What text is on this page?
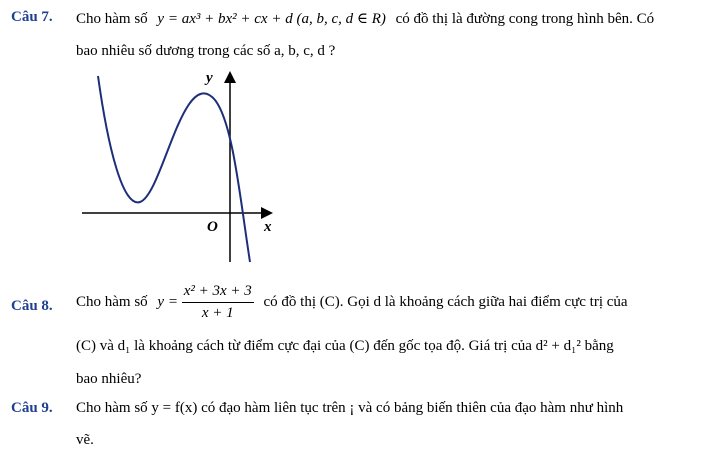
Câu 7. Cho hàm số y = ax³ + bx² + cx + d (a, b, c, d ∈ R) có đồ thị là đường cong trong hình bên. Có
bao nhiêu số dương trong các số a, b, c, d ?
y
x
O
Câu 8. Cho hàm số $y = \frac{\text{x² + 3x + 3}}{x + 1}$ có đồ thị (C). Gọi d là khoảng cách giữa hai điểm cực trị của
(C) và d₁ là khoảng cách từ điểm cực đại của (C) đến gốc tọa độ. Giá trị của d² + d₁² bằng
bao nhiêu?
Câu 9. Cho hàm số y = f(x) có đạo hàm liên tục trên ¡ và có bảng biến thiên của đạo hàm như hình
vẽ.
